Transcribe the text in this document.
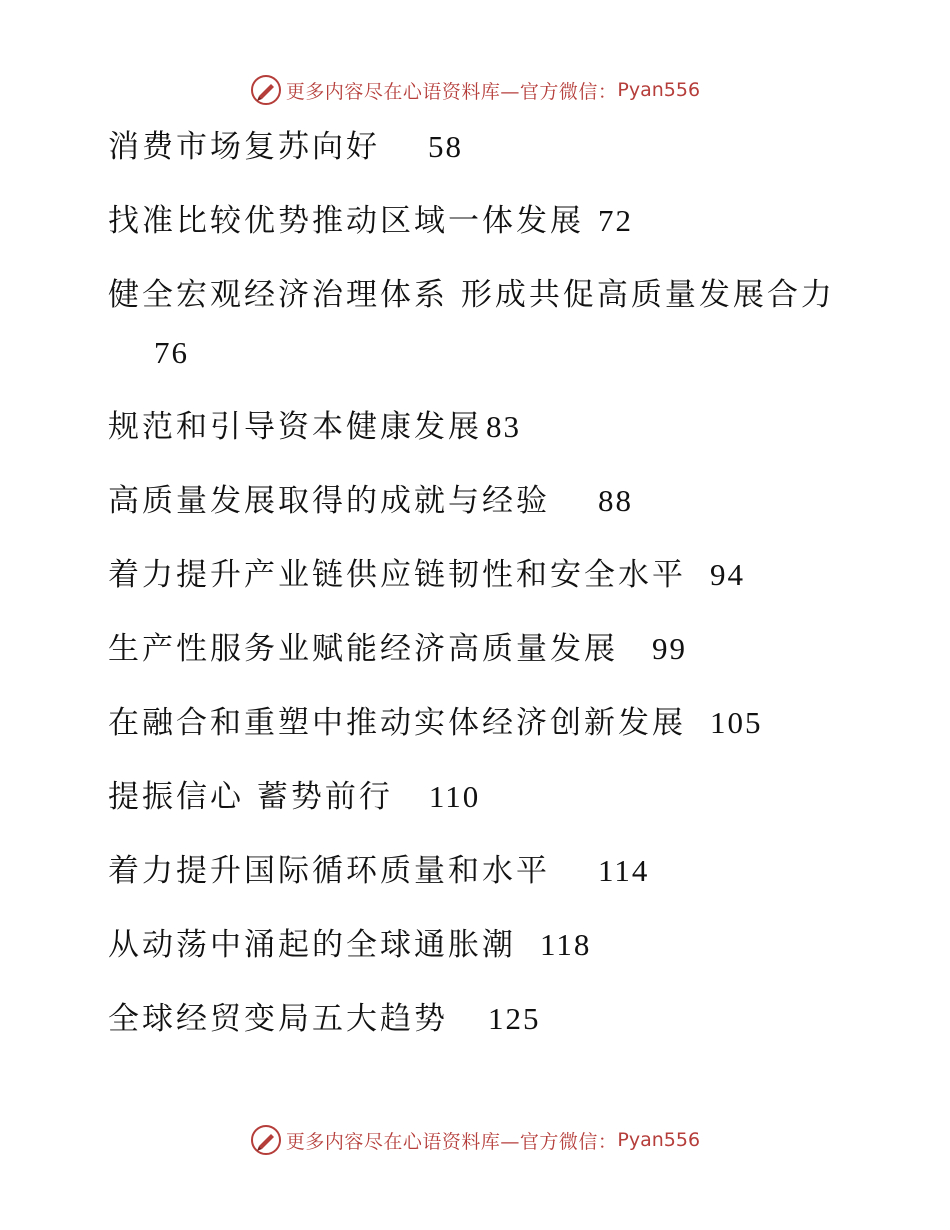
更多内容尽在心语资料库—官方微信： Pyan556
消费市场复苏向好 58
找准比较优势推动区域一体发展 72
健全宏观经济治理体系 形成共促高质量发展合力
76
规范和引导资本健康发展 83
高质量发展取得的成就与经验 88
着力提升产业链供应链韧性和安全水平 94
生产性服务业赋能经济高质量发展 99
在融合和重塑中推动实体经济创新发展 105
提振信心 蓄势前行 110
着力提升国际循环质量和水平 114
从动荡中涌起的全球通胀潮 118
全球经贸变局五大趋势 125
更多内容尽在心语资料库—官方微信： Pyan556
